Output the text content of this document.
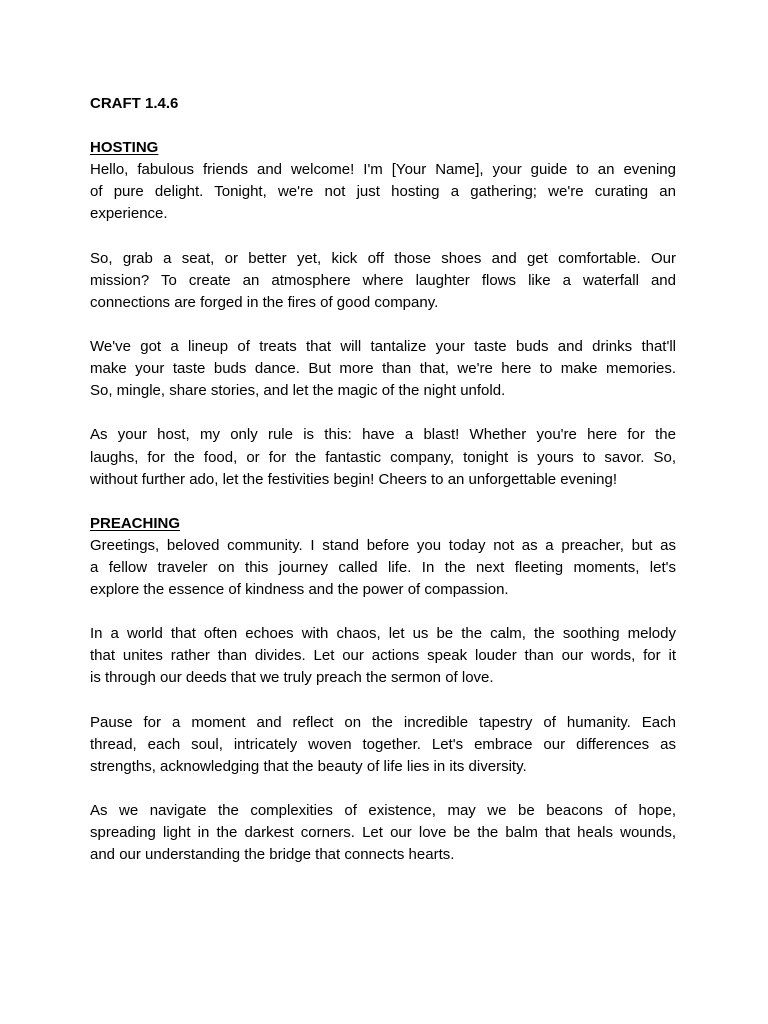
CRAFT 1.4.6
HOSTING
Hello, fabulous friends and welcome! I'm [Your Name], your guide to an evening
of pure delight. Tonight, we're not just hosting a gathering; we're curating an
experience.
So, grab a seat, or better yet, kick off those shoes and get comfortable. Our
mission? To create an atmosphere where laughter flows like a waterfall and
connections are forged in the fires of good company.
We've got a lineup of treats that will tantalize your taste buds and drinks that'll
make your taste buds dance. But more than that, we're here to make memories.
So, mingle, share stories, and let the magic of the night unfold.
As your host, my only rule is this: have a blast! Whether you're here for the
laughs, for the food, or for the fantastic company, tonight is yours to savor. So,
without further ado, let the festivities begin! Cheers to an unforgettable evening!
PREACHING
Greetings, beloved community. I stand before you today not as a preacher, but as
a fellow traveler on this journey called life. In the next fleeting moments, let's
explore the essence of kindness and the power of compassion.
In a world that often echoes with chaos, let us be the calm, the soothing melody
that unites rather than divides. Let our actions speak louder than our words, for it
is through our deeds that we truly preach the sermon of love.
Pause for a moment and reflect on the incredible tapestry of humanity. Each
thread, each soul, intricately woven together. Let's embrace our differences as
strengths, acknowledging that the beauty of life lies in its diversity.
As we navigate the complexities of existence, may we be beacons of hope,
spreading light in the darkest corners. Let our love be the balm that heals wounds,
and our understanding the bridge that connects hearts.
